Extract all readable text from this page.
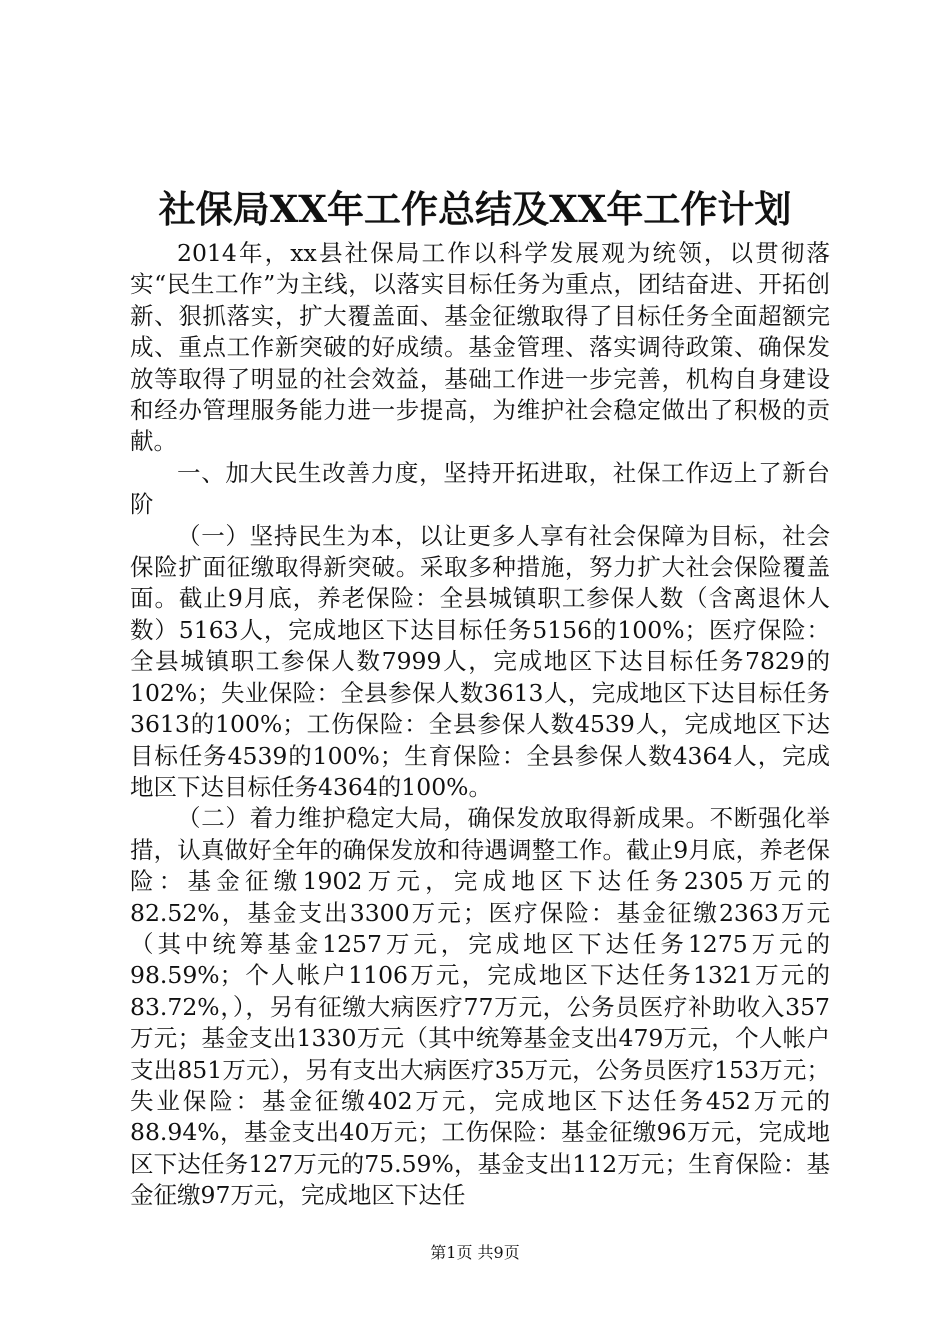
社保局XX年工作总结及XX年工作计划

2014年，xx县社保局工作以科学发展观为统领，以贯彻落实“民生工作”为主线，以落实目标任务为重点，团结奋进、开拓创新、狠抓落实，扩大覆盖面、基金征缴取得了目标任务全面超额完成、重点工作新突破的好成绩。基金管理、落实调待政策、确保发放等取得了明显的社会效益，基础工作进一步完善，机构自身建设和经办管理服务能力进一步提高，为维护社会稳定做出了积极的贡献。

一、加大民生改善力度，坚持开拓进取，社保工作迈上了新台阶

（一）坚持民生为本，以让更多人享有社会保障为目标，社会保险扩面征缴取得新突破。采取多种措施，努力扩大社会保险覆盖面。截止9月底，养老保险：全县城镇职工参保人数（含离退休人数）5163人，完成地区下达目标任务5156的100%；医疗保险：全县城镇职工参保人数7999人，完成地区下达目标任务7829的102%；失业保险：全县参保人数3613人，完成地区下达目标任务3613的100%；工伤保险：全县参保人数4539人，完成地区下达目标任务4539的100%；生育保险：全县参保人数4364人，完成地区下达目标任务4364的100%。

（二）着力维护稳定大局，确保发放取得新成果。不断强化举措，认真做好全年的确保发放和待遇调整工作。截止9月底，养老保险：基金征缴1902万元，完成地区下达任务2305万元的82.52%，基金支出3300万元；医疗保险：基金征缴2363万元（其中统筹基金1257万元，完成地区下达任务1275万元的98.59%；个人帐户1106万元，完成地区下达任务1321万元的83.72%，），另有征缴大病医疗77万元，公务员医疗补助收入357万元；基金支出1330万元（其中统筹基金支出479万元，个人帐户支出851万元），另有支出大病医疗35万元，公务员医疗153万元；失业保险：基金征缴402万元，完成地区下达任务452万元的88.94%，基金支出40万元；工伤保险：基金征缴96万元，完成地区下达任务127万元的75.59%，基金支出112万元；生育保险：基金征缴97万元，完成地区下达任

第1页 共9页
